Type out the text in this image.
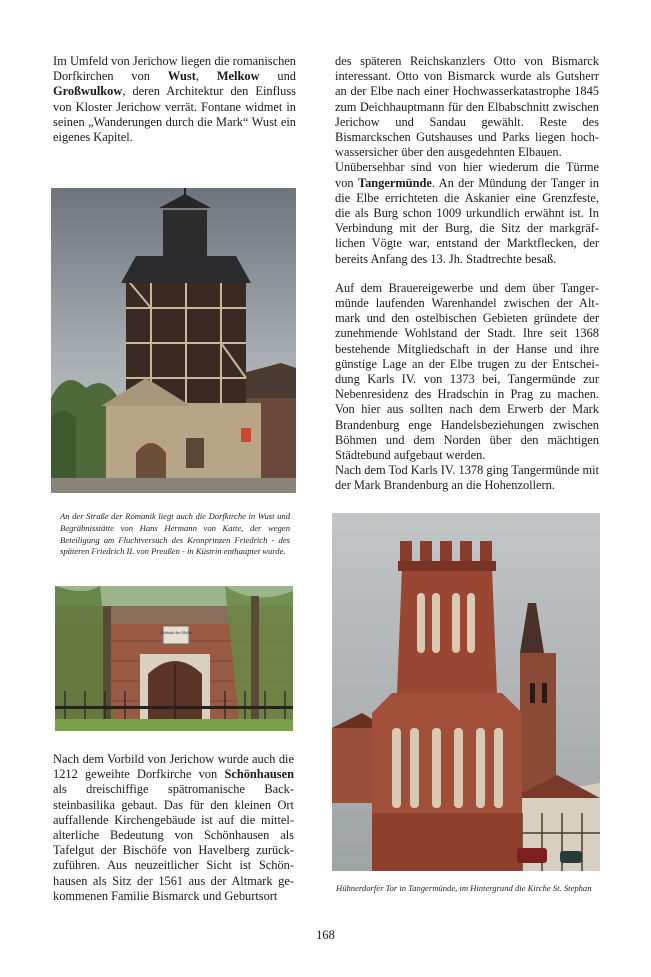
Im Umfeld von Jerichow liegen die romanischen Dorfkirchen von Wust, Melkow und Großwulkow, deren Architektur den Einfluss von Kloster Jerichow verrät. Fontane widmet in seinen „Wanderungen durch die Mark“ Wust ein eigenes Kapitel.

An der Straße der Romanik liegt auch die Dorfkirche in Wust und Begräbnisstätte von Hans Hermann von Katte, der wegen Beteiligung am Fluchtversuch des Kronprinzen Friedrich - des späteren Friedrich II. von Preußen - in Küstrin enthauptet wurde.
Gebäude der Molke

Nach dem Vorbild von Jerichow wurde auch die 1212 geweihte Dorfkirche von Schönhausen als dreischiffige spätromanische Backsteinbasilika gebaut. Das für den kleinen Ort auffallende Kirchengebäude ist auf die mittelalterliche Bedeutung von Schönhausen als Tafelgut der Bischöfe von Havelberg zurückzuführen. Aus neuzeitlicher Sicht ist Schönhausen als Sitz der 1561 aus der Altmark gekommenen Familie Bismarck und Geburtsort

des späteren Reichskanzlers Otto von Bismarck interessant. Otto von Bismarck wurde als Gutsherr an der Elbe nach einer Hochwasserkatastrophe 1845 zum Deichhauptmann für den Elbabschnitt zwischen Jerichow und Sandau gewählt. Reste des Bismarckschen Gutshauses und Parks liegen hochwassersicher über den ausgedehnten Elbauen.

Unübersehbar sind von hier wiederum die Türme von Tangermünde. An der Mündung der Tanger in die Elbe errichteten die Askanier eine Grenzfeste, die als Burg schon 1009 urkundlich erwähnt ist. In Verbindung mit der Burg, die Sitz der markgräflichen Vögte war, entstand der Marktflecken, der bereits Anfang des 13. Jh. Stadtrechte besaß.

Auf dem Brauereigewerbe und dem über Tangermünde laufenden Warenhandel zwischen der Altmark und den ostelbischen Gebieten gründete der zunehmende Wohlstand der Stadt. Ihre seit 1368 bestehende Mitgliedschaft in der Hanse und ihre günstige Lage an der Elbe trugen zu der Entscheidung Karls IV. von 1373 bei, Tangermünde zur Nebenresidenz des Hradschin in Prag zu machen. Von hier aus sollten nach dem Erwerb der Mark Brandenburg enge Handelsbeziehungen zwischen Böhmen und dem Norden über den mächtigen Städtebund aufgebaut werden.

Nach dem Tod Karls IV. 1378 ging Tangermünde mit der Mark Brandenburg an die Hohenzollern.

Hühnerdorfer Tor in Tangermünde, im Hintergrund die Kirche St. Stephan
168
